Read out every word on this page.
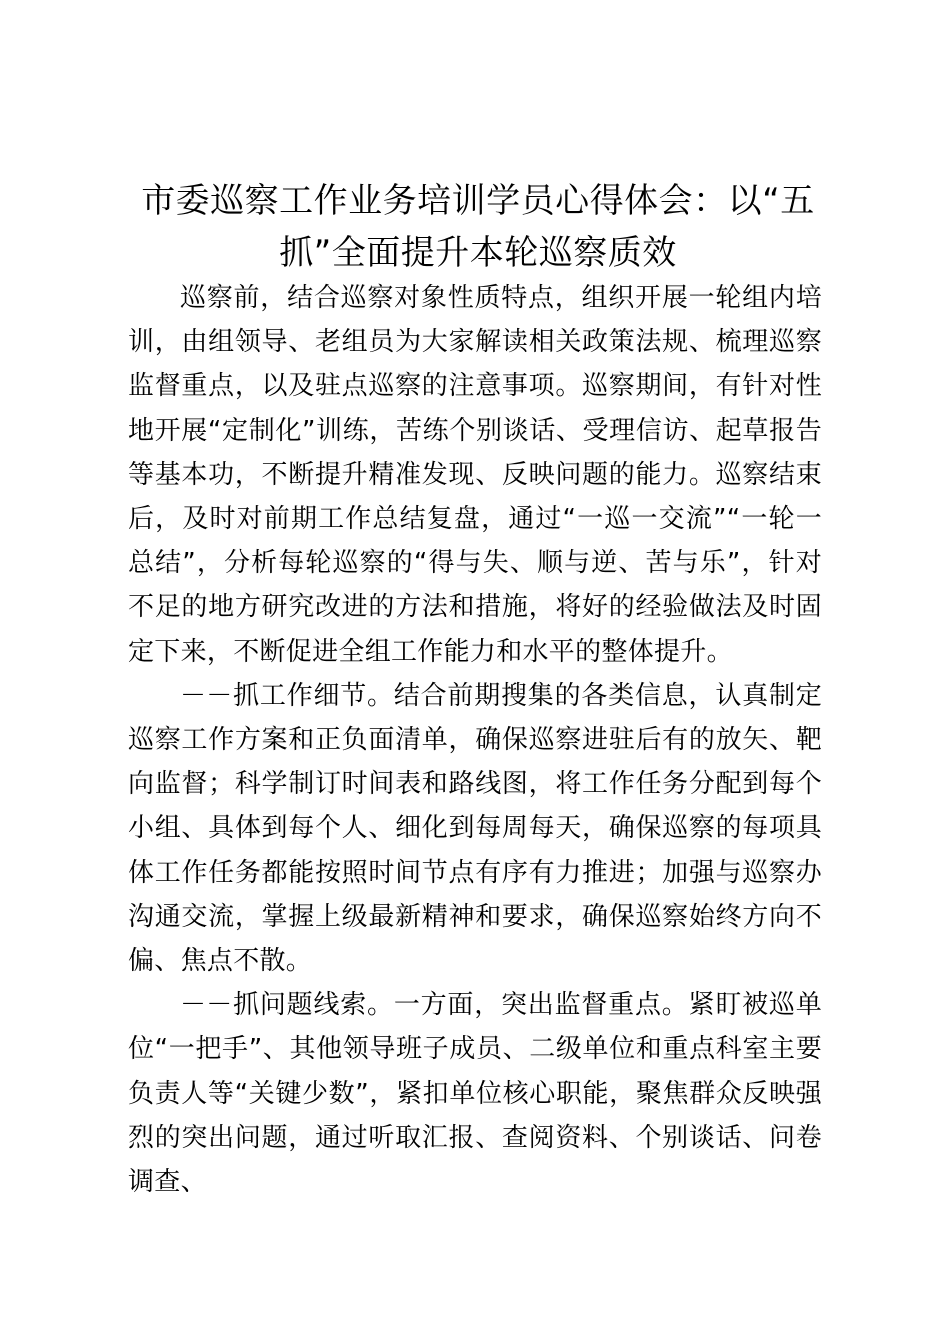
市委巡察工作业务培训学员心得体会：以“五抓”全面提升本轮巡察质效

巡察前，结合巡察对象性质特点，组织开展一轮组内培训，由组领导、老组员为大家解读相关政策法规、梳理巡察监督重点，以及驻点巡察的注意事项。巡察期间，有针对性地开展“定制化”训练，苦练个别谈话、受理信访、起草报告等基本功，不断提升精准发现、反映问题的能力。巡察结束后，及时对前期工作总结复盘，通过“一巡一交流”“一轮一总结”，分析每轮巡察的“得与失、顺与逆、苦与乐”，针对不足的地方研究改进的方法和措施，将好的经验做法及时固定下来，不断促进全组工作能力和水平的整体提升。

－－抓工作细节。结合前期搜集的各类信息，认真制定巡察工作方案和正负面清单，确保巡察进驻后有的放矢、靶向监督；科学制订时间表和路线图，将工作任务分配到每个小组、具体到每个人、细化到每周每天，确保巡察的每项具体工作任务都能按照时间节点有序有力推进；加强与巡察办沟通交流，掌握上级最新精神和要求，确保巡察始终方向不偏、焦点不散。

－－抓问题线索。一方面，突出监督重点。紧盯被巡单位“一把手”、其他领导班子成员、二级单位和重点科室主要负责人等“关键少数”，紧扣单位核心职能，聚焦群众反映强烈的突出问题，通过听取汇报、查阅资料、个别谈话、问卷调查、
